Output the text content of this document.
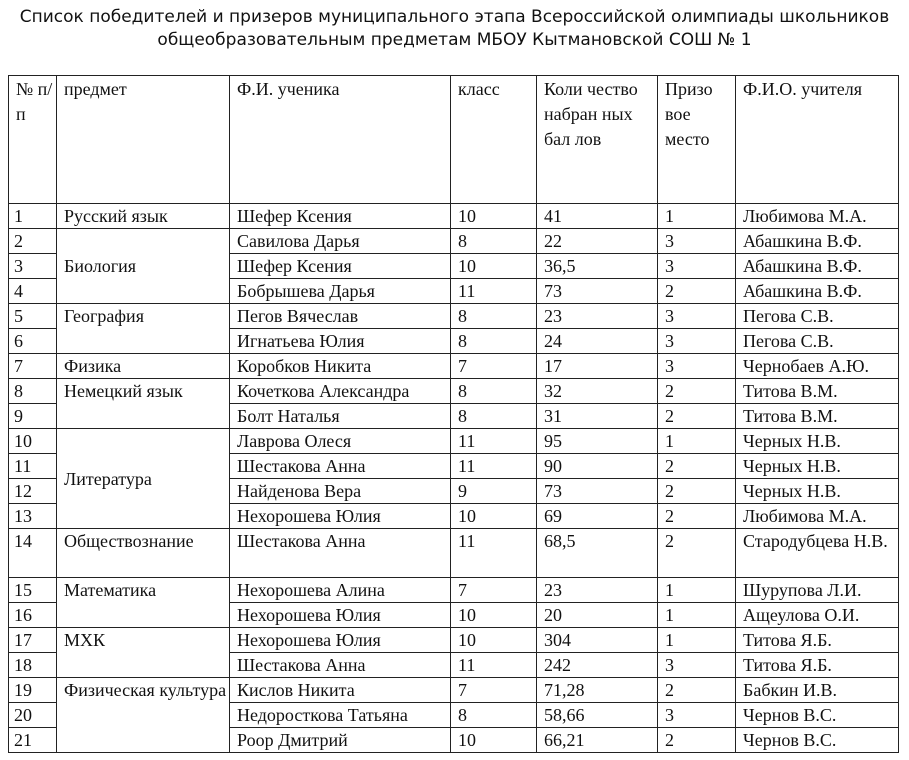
Список победителей и призеров муниципального этапа Всероссийской олимпиады школьников
общеобразовательным предметам МБОУ Кытмановской СОШ № 1
№ п/п	предмет	Ф.И. ученика	класс	Коли чество набран ных бал лов	Призо вое место	Ф.И.О. учителя
1	Русский язык	Шефер Ксения	10	41	1	Любимова М.А.
2	Биология	Савилова Дарья	8	22	3	Абашкина В.Ф.
3		Шефер Ксения	10	36,5	3	Абашкина В.Ф.
4		Бобрышева Дарья	11	73	2	Абашкина В.Ф.
5	География	Пегов Вячеслав	8	23	3	Пегова С.В.
6		Игнатьева Юлия	8	24	3	Пегова С.В.
7	Физика	Коробков Никита	7	17	3	Чернобаев А.Ю.
8	Немецкий язык	Кочеткова Александра	8	32	2	Титова В.М.
9		Болт Наталья	8	31	2	Титова В.М.
10	Литература	Лаврова Олеся	11	95	1	Черных Н.В.
11		Шестакова Анна	11	90	2	Черных Н.В.
12		Найденова Вера	9	73	2	Черных Н.В.
13		Нехорошева Юлия	10	69	2	Любимова М.А.
14	Обществознание	Шестакова Анна	11	68,5	2	Стародубцева Н.В.
15	Математика	Нехорошева Алина	7	23	1	Шурупова Л.И.
16		Нехорошева Юлия	10	20	1	Ащеулова О.И.
17	МХК	Нехорошева Юлия	10	304	1	Титова Я.Б.
18		Шестакова Анна	11	242	3	Титова Я.Б.
19	Физическая культура	Кислов Никита	7	71,28	2	Бабкин И.В.
20		Недоросткова Татьяна	8	58,66	3	Чернов В.С.
21		Роор Дмитрий	10	66,21	2	Чернов В.С.
